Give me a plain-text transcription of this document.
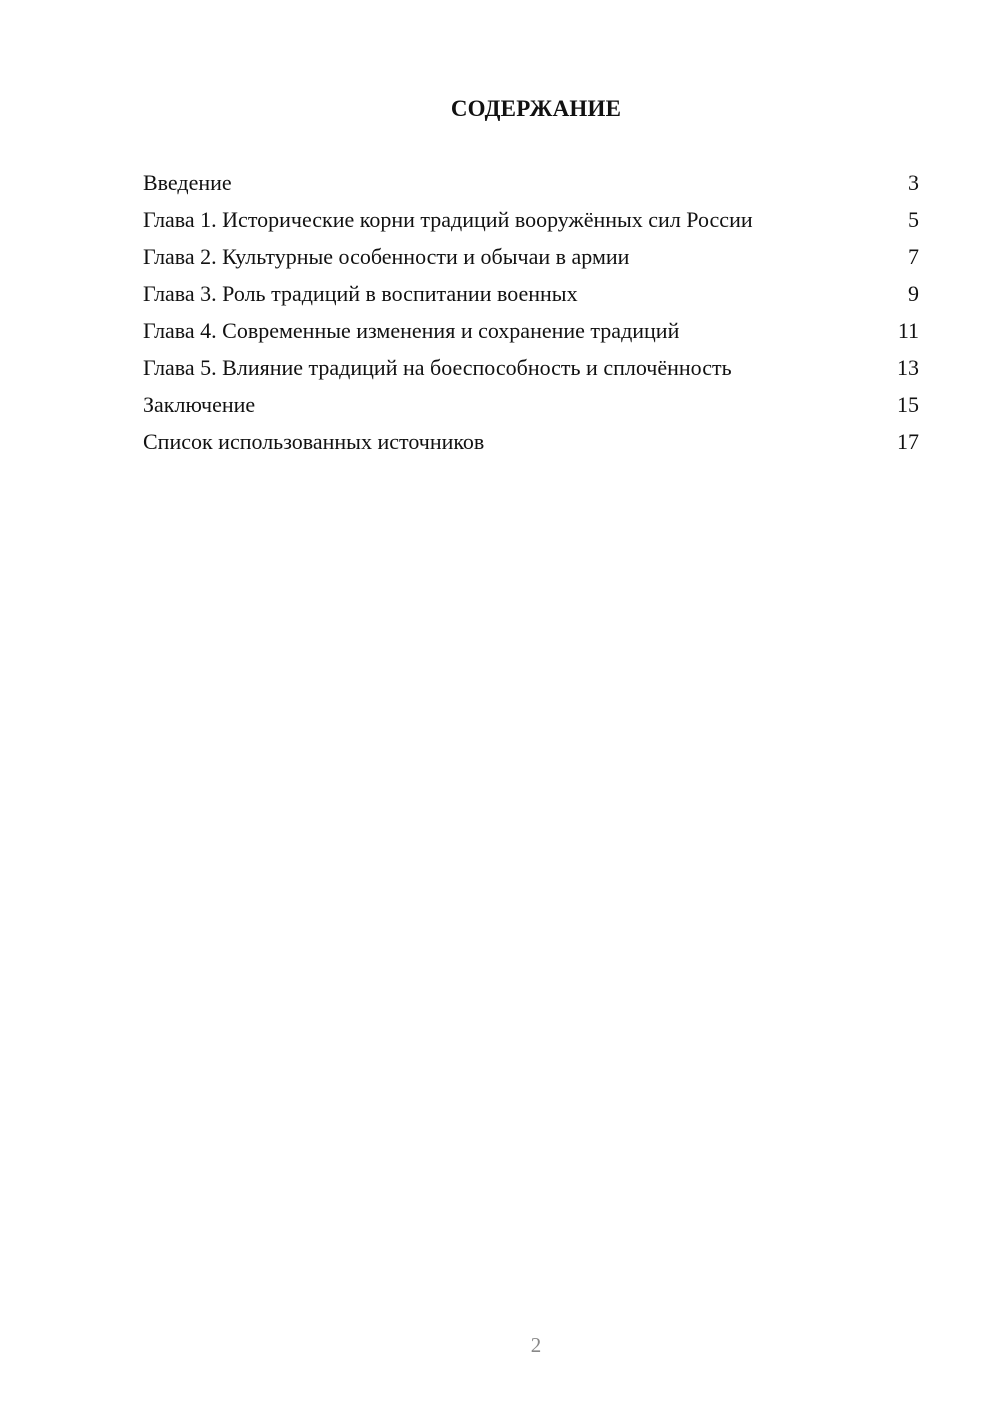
СОДЕРЖАНИЕ
Введение	3
Глава 1. Исторические корни традиций вооружённых сил России	5
Глава 2. Культурные особенности и обычаи в армии	7
Глава 3. Роль традиций в воспитании военных	9
Глава 4. Современные изменения и сохранение традиций	11
Глава 5. Влияние традиций на боеспособность и сплочённость	13
Заключение	15
Список использованных источников	17
2
